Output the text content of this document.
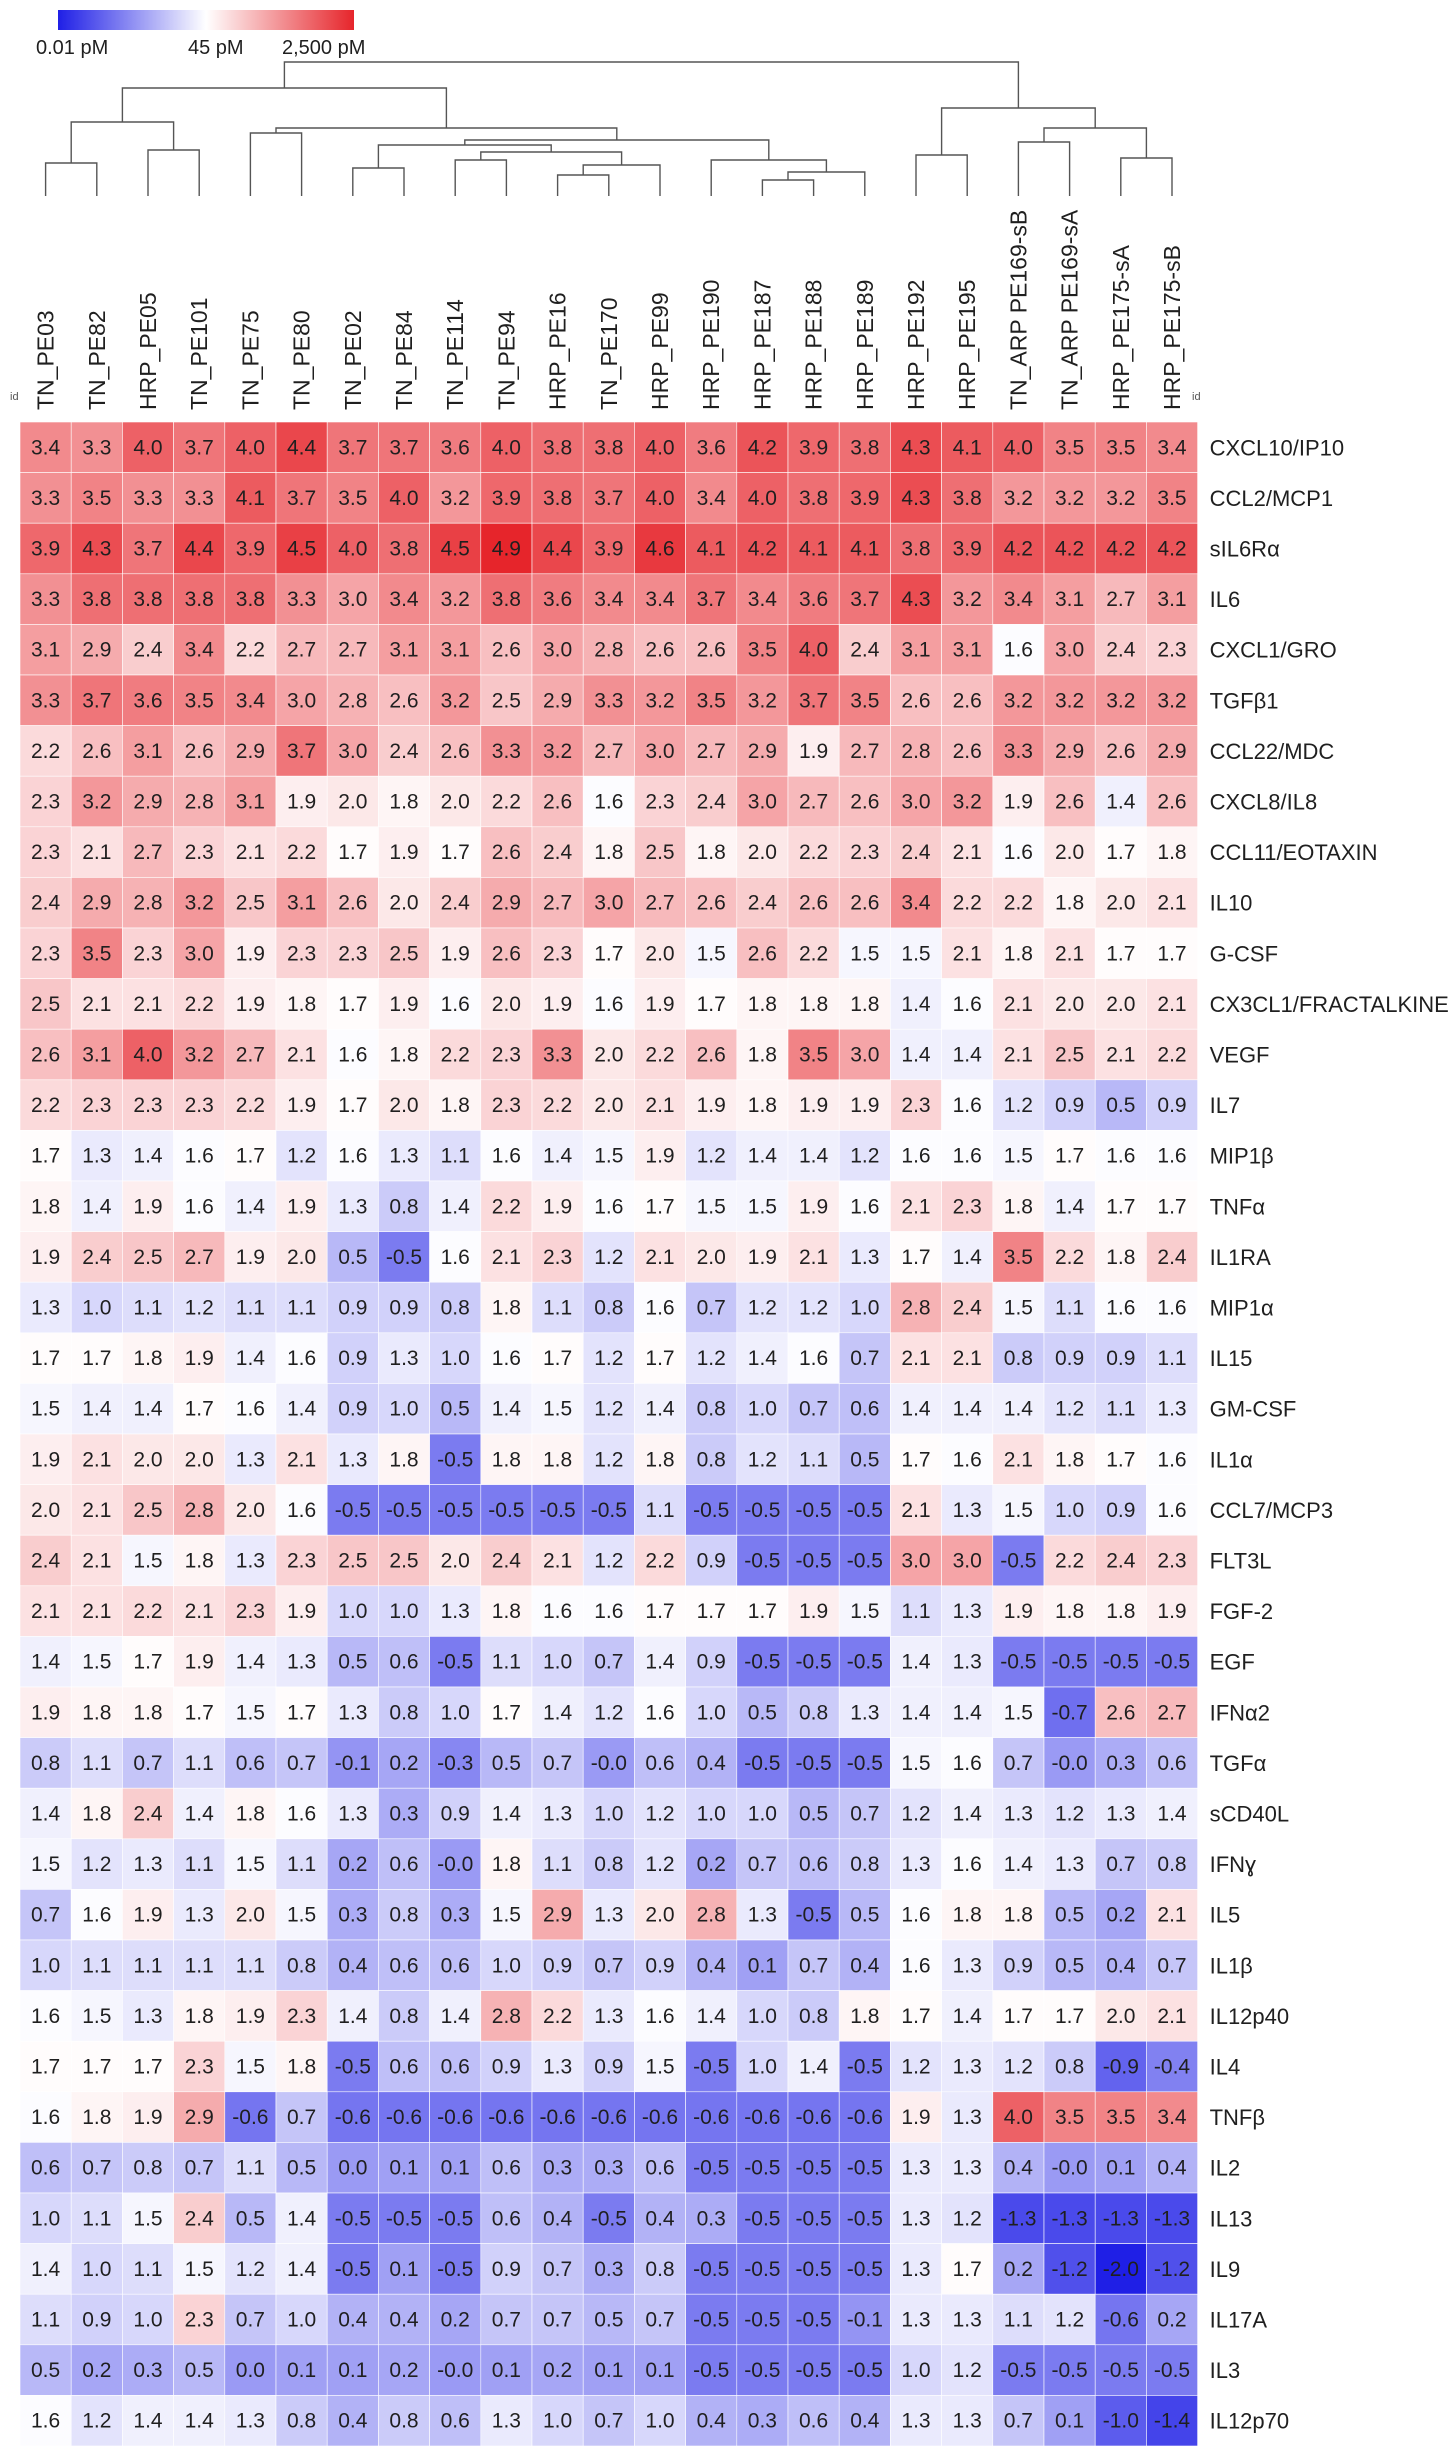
0.01 pM	45 pM 2,500 pM
TN_PE03 TN_PE82 HRP_PE05 TN_PE101 TN_PE75 TN_PE80 TN_PE02 TN_PE84 TN_PE114 TN_PE94 HRP_PE16 TN_PE170 HRP_PE99 HRP_PE190 HRP_PE187 HRP_PE188 HRP_PE189 HRP_PE192 HRP_PE195 TN_ARP PE169-sB TN_ARP PE169-sA HRP_PE175-sA HRP_PE175-sB
id	id
3.4 3.3 4.0 3.7 4.0 4.4 3.7 3.7 3.6 4.0 3.8 3.8 4.0 3.6 4.2 3.9 3.8 4.3 4.1 4.0 3.5 3.5 3.4
3.3 3.5 3.3 3.3 4.1 3.7 3.5 4.0 3.2 3.9 3.8 3.7 4.0 3.4 4.0 3.8 3.9 4.3 3.8 3.2 3.2 3.2 3.5
3.9 4.3 3.7 4.4 3.9 4.5 4.0 3.8 4.5 4.9 4.4 3.9 4.6 4.1 4.2 4.1 4.1 3.8 3.9 4.2 4.2 4.2 4.2
3.3 3.8 3.8 3.8 3.8 3.3 3.0 3.4 3.2 3.8 3.6 3.4 3.4 3.7 3.4 3.6 3.7 4.3 3.2 3.4 3.1 2.7 3.1
3.1 2.9 2.4 3.4 2.2 2.7 2.7 3.1 3.1 2.6 3.0 2.8 2.6 2.6 3.5 4.0 2.4 3.1 3.1 1.6 3.0 2.4 2.3
3.3 3.7 3.6 3.5 3.4 3.0 2.8 2.6 3.2 2.5 2.9 3.3 3.2 3.5 3.2 3.7 3.5 2.6 2.6 3.2 3.2 3.2 3.2
2.2 2.6 3.1 2.6 2.9 3.7 3.0 2.4 2.6 3.3 3.2 2.7 3.0 2.7 2.9 1.9 2.7 2.8 2.6 3.3 2.9 2.6 2.9
2.3 3.2 2.9 2.8 3.1 1.9 2.0 1.8 2.0 2.2 2.6 1.6 2.3 2.4 3.0 2.7 2.6 3.0 3.2 1.9 2.6 1.4 2.6
2.3 2.1 2.7 2.3 2.1 2.2 1.7 1.9 1.7 2.6 2.4 1.8 2.5 1.8 2.0 2.2 2.3 2.4 2.1 1.6 2.0 1.7 1.8
2.4 2.9 2.8 3.2 2.5 3.1 2.6 2.0 2.4 2.9 2.7 3.0 2.7 2.6 2.4 2.6 2.6 3.4 2.2 2.2 1.8 2.0 2.1
2.3 3.5 2.3 3.0 1.9 2.3 2.3 2.5 1.9 2.6 2.3 1.7 2.0 1.5 2.6 2.2 1.5 1.5 2.1 1.8 2.1 1.7 1.7
2.5 2.1 2.1 2.2 1.9 1.8 1.7 1.9 1.6 2.0 1.9 1.6 1.9 1.7 1.8 1.8 1.8 1.4 1.6 2.1 2.0 2.0 2.1
2.6 3.1 4.0 3.2 2.7 2.1 1.6 1.8 2.2 2.3 3.3 2.0 2.2 2.6 1.8 3.5 3.0 1.4 1.4 2.1 2.5 2.1 2.2
2.2 2.3 2.3 2.3 2.2 1.9 1.7 2.0 1.8 2.3 2.2 2.0 2.1 1.9 1.8 1.9 1.9 2.3 1.6 1.2 0.9 0.5 0.9
1.7 1.3 1.4 1.6 1.7 1.2 1.6 1.3 1.1 1.6 1.4 1.5 1.9 1.2 1.4 1.4 1.2 1.6 1.6 1.5 1.7 1.6 1.6
1.8 1.4 1.9 1.6 1.4 1.9 1.3 0.8 1.4 2.2 1.9 1.6 1.7 1.5 1.5 1.9 1.6 2.1 2.3 1.8 1.4 1.7 1.7
1.9 2.4 2.5 2.7 1.9 2.0 0.5 -0.5 1.6 2.1 2.3 1.2 2.1 2.0 1.9 2.1 1.3 1.7 1.4 3.5 2.2 1.8 2.4
1.3 1.0 1.1 1.2 1.1 1.1 0.9 0.9 0.8 1.8 1.1 0.8 1.6 0.7 1.2 1.2 1.0 2.8 2.4 1.5 1.1 1.6 1.6
1.7 1.7 1.8 1.9 1.4 1.6 0.9 1.3 1.0 1.6 1.7 1.2 1.7 1.2 1.4 1.6 0.7 2.1 2.1 0.8 0.9 0.9 1.1
1.5 1.4 1.4 1.7 1.6 1.4 0.9 1.0 0.5 1.4 1.5 1.2 1.4 0.8 1.0 0.7 0.6 1.4 1.4 1.4 1.2 1.1 1.3
1.9 2.1 2.0 2.0 1.3 2.1 1.3 1.8 -0.5 1.8 1.8 1.2 1.8 0.8 1.2 1.1 0.5 1.7 1.6 2.1 1.8 1.7 1.6
2.0 2.1 2.5 2.8 2.0 1.6 -0.5 -0.5 -0.5 -0.5 -0.5 -0.5 1.1 -0.5 -0.5 -0.5 -0.5 2.1 1.3 1.5 1.0 0.9 1.6
2.4 2.1 1.5 1.8 1.3 2.3 2.5 2.5 2.0 2.4 2.1 1.2 2.2 0.9 -0.5 -0.5 -0.5 3.0 3.0 -0.5 2.2 2.4 2.3
2.1 2.1 2.2 2.1 2.3 1.9 1.0 1.0 1.3 1.8 1.6 1.6 1.7 1.7 1.7 1.9 1.5 1.1 1.3 1.9 1.8 1.8 1.9
1.4 1.5 1.7 1.9 1.4 1.3 0.5 0.6 -0.5 1.1 1.0 0.7 1.4 0.9 -0.5 -0.5 -0.5 1.4 1.3 -0.5 -0.5 -0.5 -0.5
1.9 1.8 1.8 1.7 1.5 1.7 1.3 0.8 1.0 1.7 1.4 1.2 1.6 1.0 0.5 0.8 1.3 1.4 1.4 1.5 -0.7 2.6 2.7
0.8 1.1 0.7 1.1 0.6 0.7 -0.1 0.2 -0.3 0.5 0.7 -0.0 0.6 0.4 -0.5 -0.5 -0.5 1.5 1.6 0.7 -0.0 0.3 0.6
1.4 1.8 2.4 1.4 1.8 1.6 1.3 0.3 0.9 1.4 1.3 1.0 1.2 1.0 1.0 0.5 0.7 1.2 1.4 1.3 1.2 1.3 1.4
1.5 1.2 1.3 1.1 1.5 1.1 0.2 0.6 -0.0 1.8 1.1 0.8 1.2 0.2 0.7 0.6 0.8 1.3 1.6 1.4 1.3 0.7 0.8
0.7 1.6 1.9 1.3 2.0 1.5 0.3 0.8 0.3 1.5 2.9 1.3 2.0 2.8 1.3 -0.5 0.5 1.6 1.8 1.8 0.5 0.2 2.1
1.0 1.1 1.1 1.1 1.1 0.8 0.4 0.6 0.6 1.0 0.9 0.7 0.9 0.4 0.1 0.7 0.4 1.6 1.3 0.9 0.5 0.4 0.7
1.6 1.5 1.3 1.8 1.9 2.3 1.4 0.8 1.4 2.8 2.2 1.3 1.6 1.4 1.0 0.8 1.8 1.7 1.4 1.7 1.7 2.0 2.1
1.7 1.7 1.7 2.3 1.5 1.8 -0.5 0.6 0.6 0.9 1.3 0.9 1.5 -0.5 1.0 1.4 -0.5 1.2 1.3 1.2 0.8 -0.9 -0.4
1.6 1.8 1.9 2.9 -0.6 0.7 -0.6 -0.6 -0.6 -0.6 -0.6 -0.6 -0.6 -0.6 -0.6 -0.6 -0.6 1.9 1.3 4.0 3.5 3.5 3.4
0.6 0.7 0.8 0.7 1.1 0.5 0.0 0.1 0.1 0.6 0.3 0.3 0.6 -0.5 -0.5 -0.5 -0.5 1.3 1.3 0.4 -0.0 0.1 0.4
1.0 1.1 1.5 2.4 0.5 1.4 -0.5 -0.5 -0.5 0.6 0.4 -0.5 0.4 0.3 -0.5 -0.5 -0.5 1.3 1.2 -1.3 -1.3 -1.3 -1.3
1.4 1.0 1.1 1.5 1.2 1.4 -0.5 0.1 -0.5 0.9 0.7 0.3 0.8 -0.5 -0.5 -0.5 -0.5 1.3 1.7 0.2 -1.2 -2.0 -1.2
1.1 0.9 1.0 2.3 0.7 1.0 0.4 0.4 0.2 0.7 0.7 0.5 0.7 -0.5 -0.5 -0.5 -0.1 1.3 1.3 1.1 1.2 -0.6 0.2
0.5 0.2 0.3 0.5 0.0 0.1 0.1 0.2 -0.0 0.1 0.2 0.1 0.1 -0.5 -0.5 -0.5 -0.5 1.0 1.2 -0.5 -0.5 -0.5 -0.5
1.6 1.2 1.4 1.4 1.3 0.8 0.4 0.8 0.6 1.3 1.0 0.7 1.0 0.4 0.3 0.6 0.4 1.3 1.3 0.7 0.1 -1.0 -1.4
CXCL10/IP10
CCL2/MCP1
sIL6Rα
IL6
CXCL1/GRO
TGFβ1
CCL22/MDC
CXCL8/IL8
CCL11/EOTAXIN
IL10
G-CSF
CX3CL1/FRACTALKINE
VEGF
IL7
MIP1β
TNFα
IL1RA
MIP1α
IL15
GM-CSF
IL1α
CCL7/MCP3
FLT3L
FGF-2
EGF
IFNα2
TGFα
sCD40L
IFNɣ
IL5
IL1β
IL12p40
IL4
TNFβ
IL2
IL13
IL9
IL17A
IL3
IL12p70
